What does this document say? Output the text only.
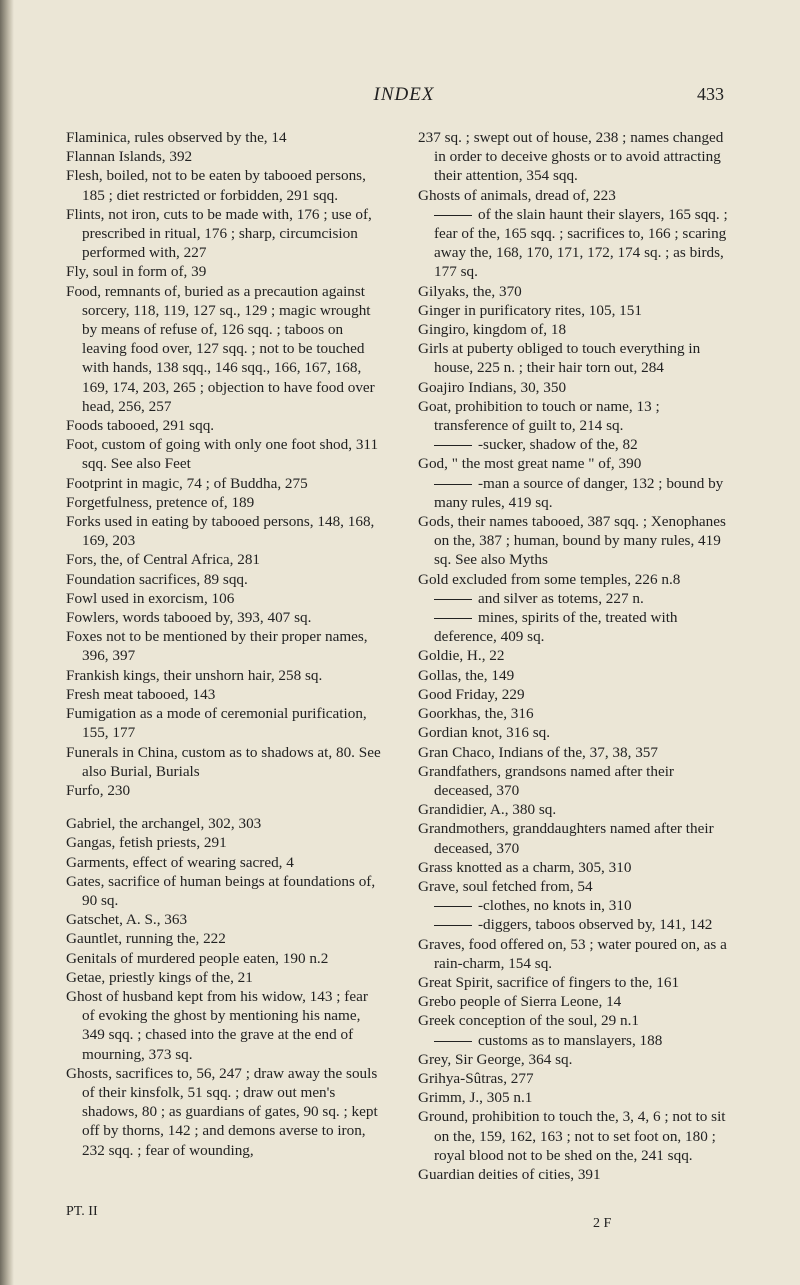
INDEX	433

Flaminica, rules observed by the, 14

Flannan Islands, 392

Flesh, boiled, not to be eaten by tabooed persons, 185 ; diet restricted or forbidden, 291 sqq.

Flints, not iron, cuts to be made with, 176 ; use of, prescribed in ritual, 176 ; sharp, circumcision performed with, 227

Fly, soul in form of, 39

Food, remnants of, buried as a precaution against sorcery, 118, 119, 127 sq., 129 ; magic wrought by means of refuse of, 126 sqq. ; taboos on leaving food over, 127 sqq. ; not to be touched with hands, 138 sqq., 146 sqq., 166, 167, 168, 169, 174, 203, 265 ; objection to have food over head, 256, 257

Foods tabooed, 291 sqq.

Foot, custom of going with only one foot shod, 311 sqq. See also Feet

Footprint in magic, 74 ; of Buddha, 275

Forgetfulness, pretence of, 189

Forks used in eating by tabooed persons, 148, 168, 169, 203

Fors, the, of Central Africa, 281

Foundation sacrifices, 89 sqq.

Fowl used in exorcism, 106

Fowlers, words tabooed by, 393, 407 sq.

Foxes not to be mentioned by their proper names, 396, 397

Frankish kings, their unshorn hair, 258 sq.

Fresh meat tabooed, 143

Fumigation as a mode of ceremonial purification, 155, 177

Funerals in China, custom as to shadows at, 80. See also Burial, Burials

Furfo, 230

Gabriel, the archangel, 302, 303

Gangas, fetish priests, 291

Garments, effect of wearing sacred, 4

Gates, sacrifice of human beings at foundations of, 90 sq.

Gatschet, A. S., 363

Gauntlet, running the, 222

Genitals of murdered people eaten, 190 n.2

Getae, priestly kings of the, 21

Ghost of husband kept from his widow, 143 ; fear of evoking the ghost by mentioning his name, 349 sqq. ; chased into the grave at the end of mourning, 373 sq.

Ghosts, sacrifices to, 56, 247 ; draw away the souls of their kinsfolk, 51 sqq. ; draw out men's shadows, 80 ; as guardians of gates, 90 sq. ; kept off by thorns, 142 ; and demons averse to iron, 232 sqq. ; fear of wounding,

237 sq. ; swept out of house, 238 ; names changed in order to deceive ghosts or to avoid attracting their attention, 354 sqq.

Ghosts of animals, dread of, 223

of the slain haunt their slayers, 165 sqq. ; fear of the, 165 sqq. ; sacrifices to, 166 ; scaring away the, 168, 170, 171, 172, 174 sq. ; as birds, 177 sq.

Gilyaks, the, 370

Ginger in purificatory rites, 105, 151

Gingiro, kingdom of, 18

Girls at puberty obliged to touch everything in house, 225 n. ; their hair torn out, 284

Goajiro Indians, 30, 350

Goat, prohibition to touch or name, 13 ; transference of guilt to, 214 sq.

-sucker, shadow of the, 82

God, " the most great name " of, 390

-man a source of danger, 132 ; bound by many rules, 419 sq.

Gods, their names tabooed, 387 sqq. ; Xenophanes on the, 387 ; human, bound by many rules, 419 sq. See also Myths

Gold excluded from some temples, 226 n.8

and silver as totems, 227 n.

mines, spirits of the, treated with deference, 409 sq.

Goldie, H., 22

Gollas, the, 149

Good Friday, 229

Goorkhas, the, 316

Gordian knot, 316 sq.

Gran Chaco, Indians of the, 37, 38, 357

Grandfathers, grandsons named after their deceased, 370

Grandidier, A., 380 sq.

Grandmothers, granddaughters named after their deceased, 370

Grass knotted as a charm, 305, 310

Grave, soul fetched from, 54

-clothes, no knots in, 310

-diggers, taboos observed by, 141, 142

Graves, food offered on, 53 ; water poured on, as a rain-charm, 154 sq.

Great Spirit, sacrifice of fingers to the, 161

Grebo people of Sierra Leone, 14

Greek conception of the soul, 29 n.1

customs as to manslayers, 188

Grey, Sir George, 364 sq.

Grihya-Sûtras, 277

Grimm, J., 305 n.1

Ground, prohibition to touch the, 3, 4, 6 ; not to sit on the, 159, 162, 163 ; not to set foot on, 180 ; royal blood not to be shed on the, 241 sqq.

Guardian deities of cities, 391

PT. II
2 F
